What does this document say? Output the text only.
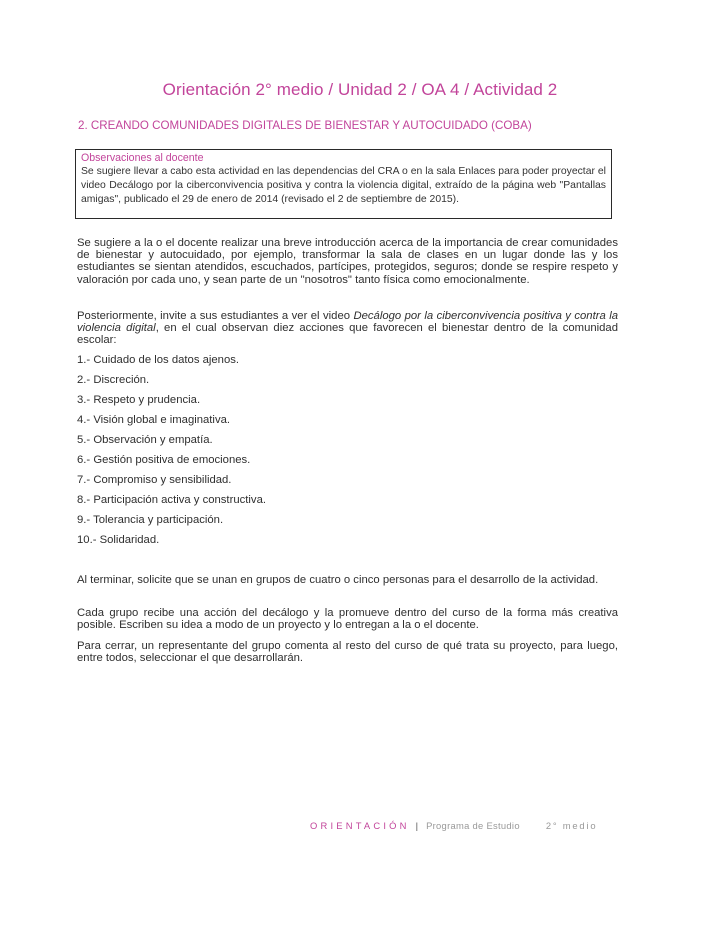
Orientación 2° medio / Unidad 2 / OA 4 / Actividad 2
2. CREANDO COMUNIDADES DIGITALES DE BIENESTAR Y AUTOCUIDADO (COBA)
Observaciones al docente
Se sugiere llevar a cabo esta actividad en las dependencias del CRA o en la sala Enlaces para poder proyectar el video Decálogo por la ciberconvivencia positiva y contra la violencia digital, extraído de la página web "Pantallas amigas", publicado el 29 de enero de 2014 (revisado el 2 de septiembre de 2015).

Se sugiere a la o el docente realizar una breve introducción acerca de la importancia de crear comunidades de bienestar y autocuidado, por ejemplo, transformar la sala de clases en un lugar donde las y los estudiantes se sientan atendidos, escuchados, partícipes, protegidos, seguros; donde se respire respeto y valoración por cada uno, y sean parte de un "nosotros" tanto física como emocionalmente.

Posteriormente, invite a sus estudiantes a ver el video Decálogo por la ciberconvivencia positiva y contra la violencia digital, en el cual observan diez acciones que favorecen el bienestar dentro de la comunidad escolar:

1.- Cuidado de los datos ajenos.
2.- Discreción.
3.- Respeto y prudencia.
4.- Visión global e imaginativa.
5.- Observación y empatía.
6.- Gestión positiva de emociones.
7.- Compromiso y sensibilidad.
8.- Participación activa y constructiva.
9.- Tolerancia y participación.
10.- Solidaridad.

Al terminar, solicite que se unan en grupos de cuatro o cinco personas para el desarrollo de la actividad.

Cada grupo recibe una acción del decálogo y la promueve dentro del curso de la forma más creativa posible. Escriben su idea a modo de un proyecto y lo entregan a la o el docente.

Para cerrar, un representante del grupo comenta al resto del curso de qué trata su proyecto, para luego, entre todos, seleccionar el que desarrollarán.

ORIENTACIÓN | Programa de Estudio	2° medio
